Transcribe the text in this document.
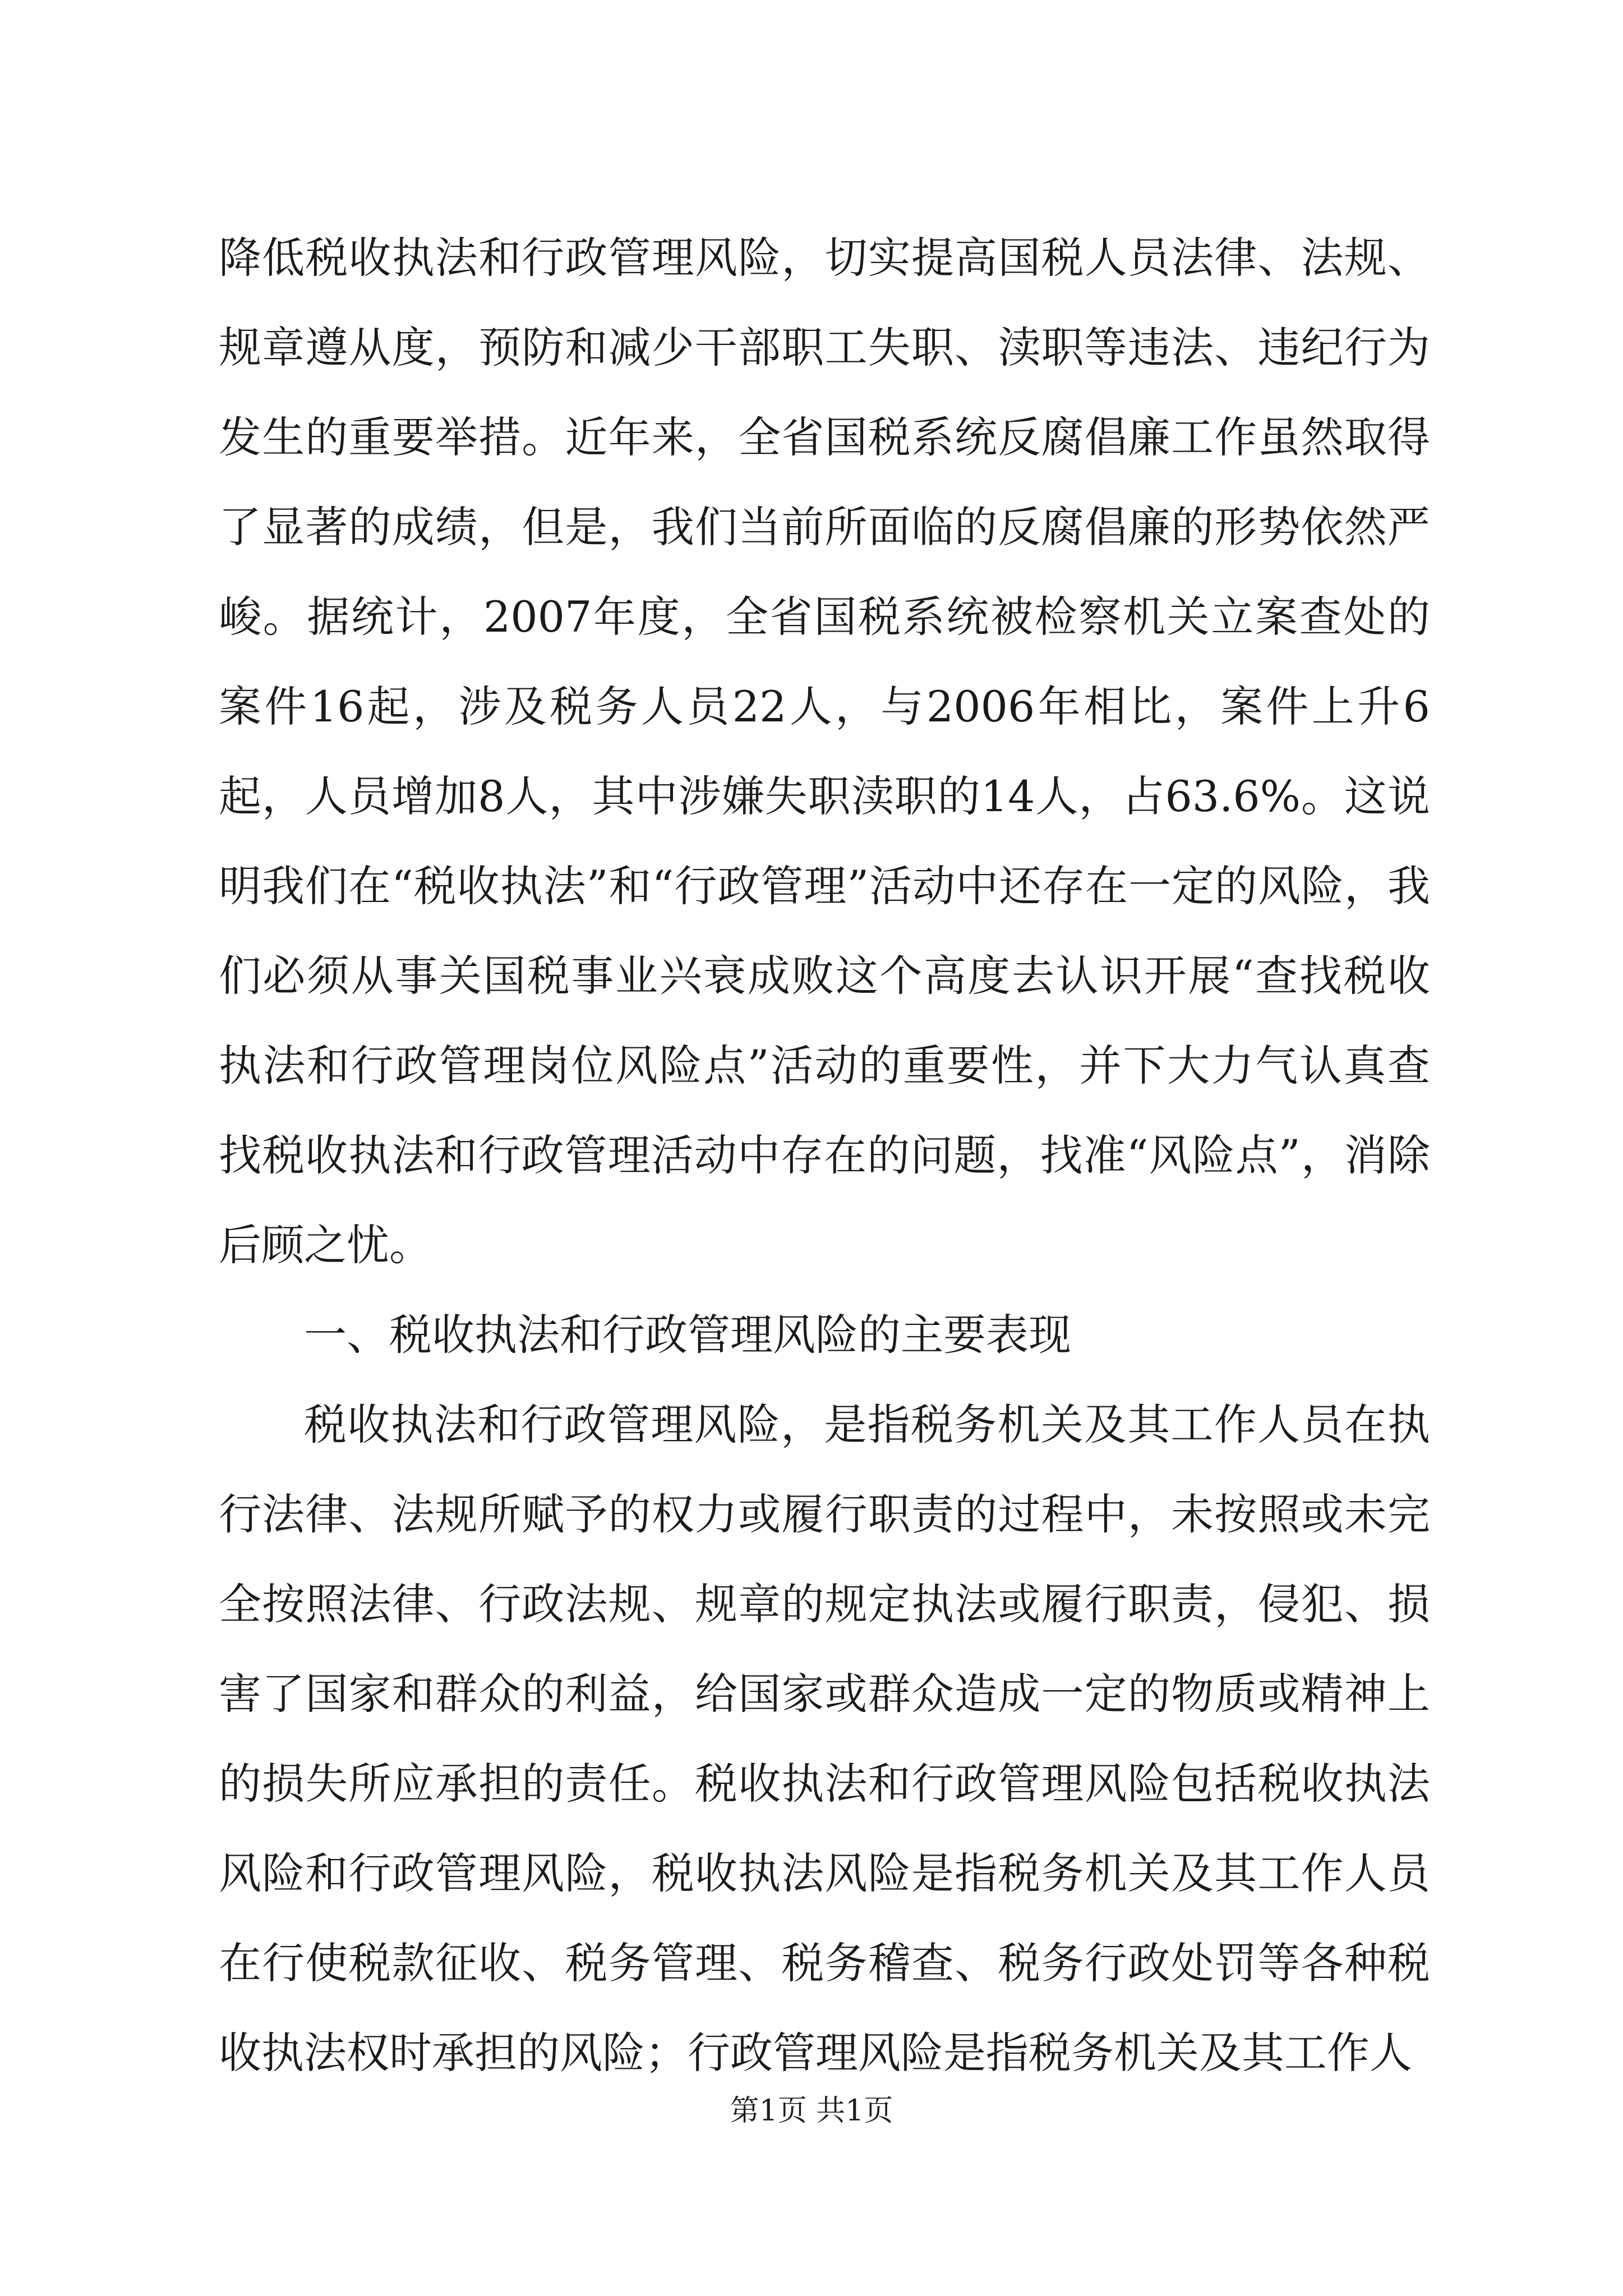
降低税收执法和行政管理风险，切实提高国税人员法律、法规、规章遵从度，预防和减少干部职工失职、渎职等违法、违纪行为发生的重要举措。近年来，全省国税系统反腐倡廉工作虽然取得了显著的成绩，但是，我们当前所面临的反腐倡廉的形势依然严峻。据统计，2007年度，全省国税系统被检察机关立案查处的案件16起，涉及税务人员22人，与2006年相比，案件上升6起，人员增加8人，其中涉嫌失职渎职的14人，占63.6%。这说明我们在“税收执法”和“行政管理”活动中还存在一定的风险，我们必须从事关国税事业兴衰成败这个高度去认识开展“查找税收执法和行政管理岗位风险点”活动的重要性，并下大力气认真查找税收执法和行政管理活动中存在的问题，找准“风险点”，消除后顾之忧。

一、税收执法和行政管理风险的主要表现

税收执法和行政管理风险，是指税务机关及其工作人员在执行法律、法规所赋予的权力或履行职责的过程中，未按照或未完全按照法律、行政法规、规章的规定执法或履行职责，侵犯、损害了国家和群众的利益，给国家或群众造成一定的物质或精神上的损失所应承担的责任。税收执法和行政管理风险包括税收执法风险和行政管理风险，税收执法风险是指税务机关及其工作人员在行使税款征收、税务管理、税务稽查、税务行政处罚等各种税收执法权时承担的风险；行政管理风险是指税务机关及其工作人

第1页 共1页
